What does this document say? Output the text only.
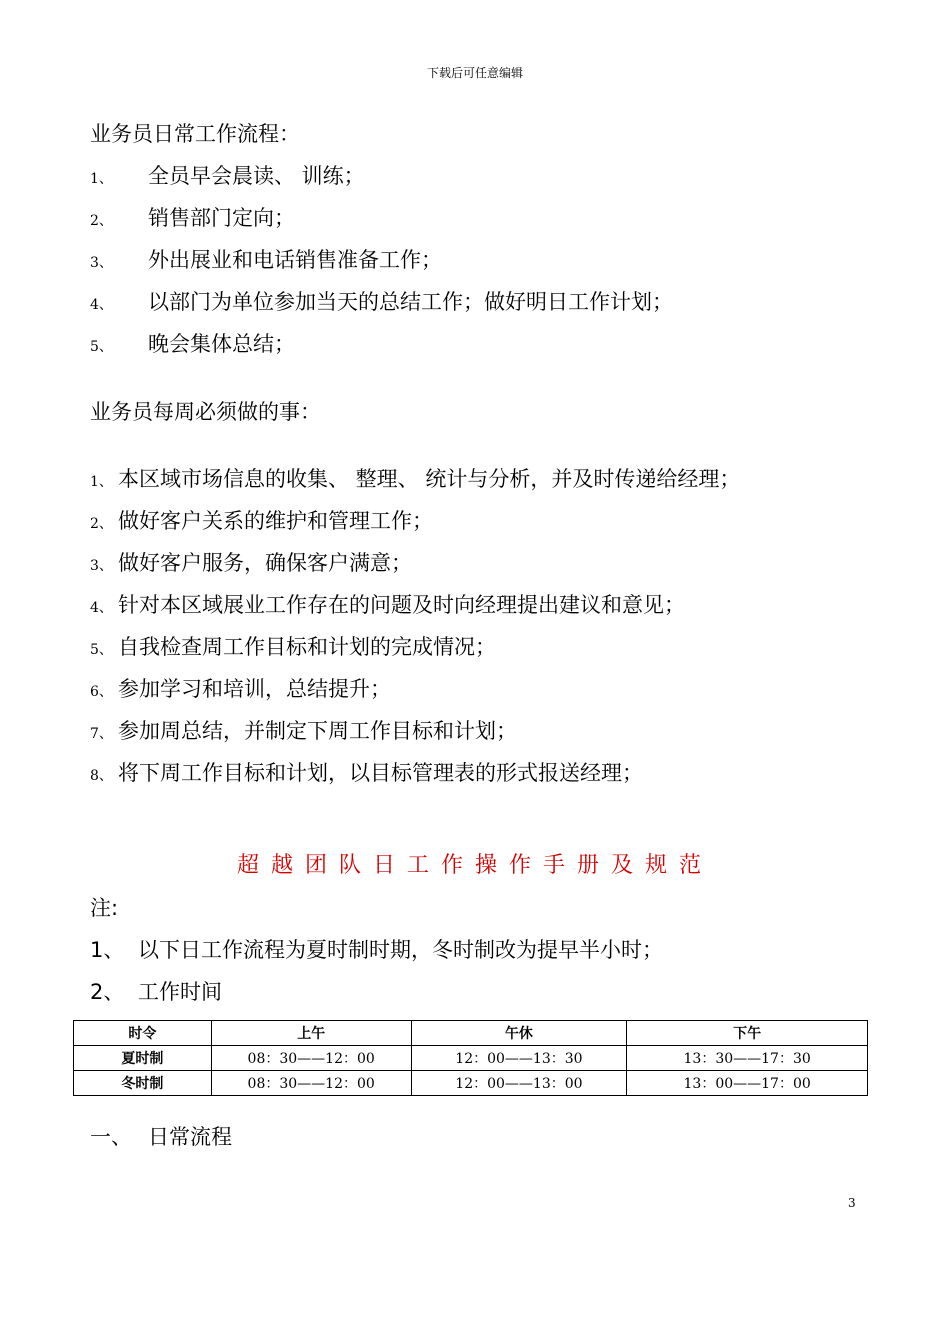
下载后可任意编辑
业务员日常工作流程：
1、 全员早会晨读、 训练；
2、 销售部门定向；
3、 外出展业和电话销售准备工作；
4、 以部门为单位参加当天的总结工作；做好明日工作计划；
5、 晚会集体总结；
业务员每周必须做的事：
1、 本区域市场信息的收集、 整理、 统计与分析，并及时传递给经理；
2、 做好客户关系的维护和管理工作；
3、 做好客户服务，确保客户满意；
4、 针对本区域展业工作存在的问题及时向经理提出建议和意见；
5、 自我检查周工作目标和计划的完成情况；
6、 参加学习和培训，总结提升；
7、 参加周总结，并制定下周工作目标和计划；
8、 将下周工作目标和计划，以目标管理表的形式报送经理；
超越团队日工作操作手册及规范
注:
1、 以下日工作流程为夏时制时期，冬时制改为提早半小时；
2、 工作时间
时令	上午	午休	下午
夏时制	08：30——12：00	12：00——13：30	13：30——17：30
冬时制	08：30——12：00	12：00——13：00	13：00——17：00
一、 日常流程
3
